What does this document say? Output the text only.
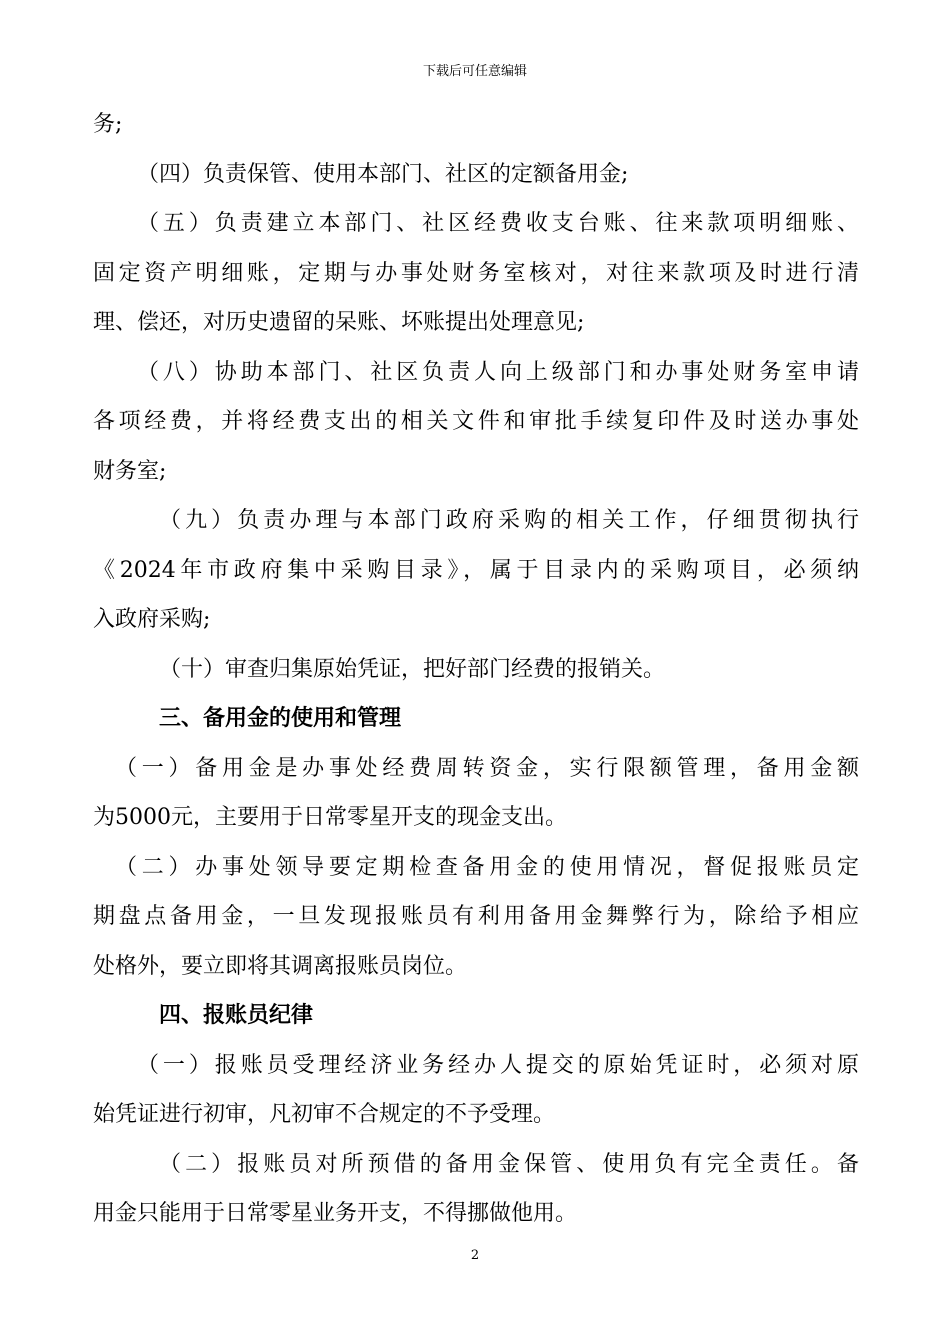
下载后可任意编辑
务;
（四）负责保管、使用本部门、社区的定额备用金;
（五）负责建立本部门、社区经费收支台账、往来款项明细账、
固定资产明细账，定期与办事处财务室核对，对往来款项及时进行清
理、偿还，对历史遗留的呆账、坏账提出处理意见;
（八）协助本部门、社区负责人向上级部门和办事处财务室申请
各项经费，并将经费支出的相关文件和审批手续复印件及时送办事处
财务室;
（九）负责办理与本部门政府采购的相关工作，仔细贯彻执行
《2024年市政府集中采购目录》，属于目录内的采购项目，必须纳
入政府采购;
（十）审查归集原始凭证，把好部门经费的报销关。
三、备用金的使用和管理
（一）备用金是办事处经费周转资金，实行限额管理，备用金额
为5000元，主要用于日常零星开支的现金支出。
（二）办事处领导要定期检查备用金的使用情况，督促报账员定
期盘点备用金，一旦发现报账员有利用备用金舞弊行为，除给予相应
处格外，要立即将其调离报账员岗位。
四、报账员纪律
（一）报账员受理经济业务经办人提交的原始凭证时，必须对原
始凭证进行初审，凡初审不合规定的不予受理。
（二）报账员对所预借的备用金保管、使用负有完全责任。备
用金只能用于日常零星业务开支，不得挪做他用。
2
